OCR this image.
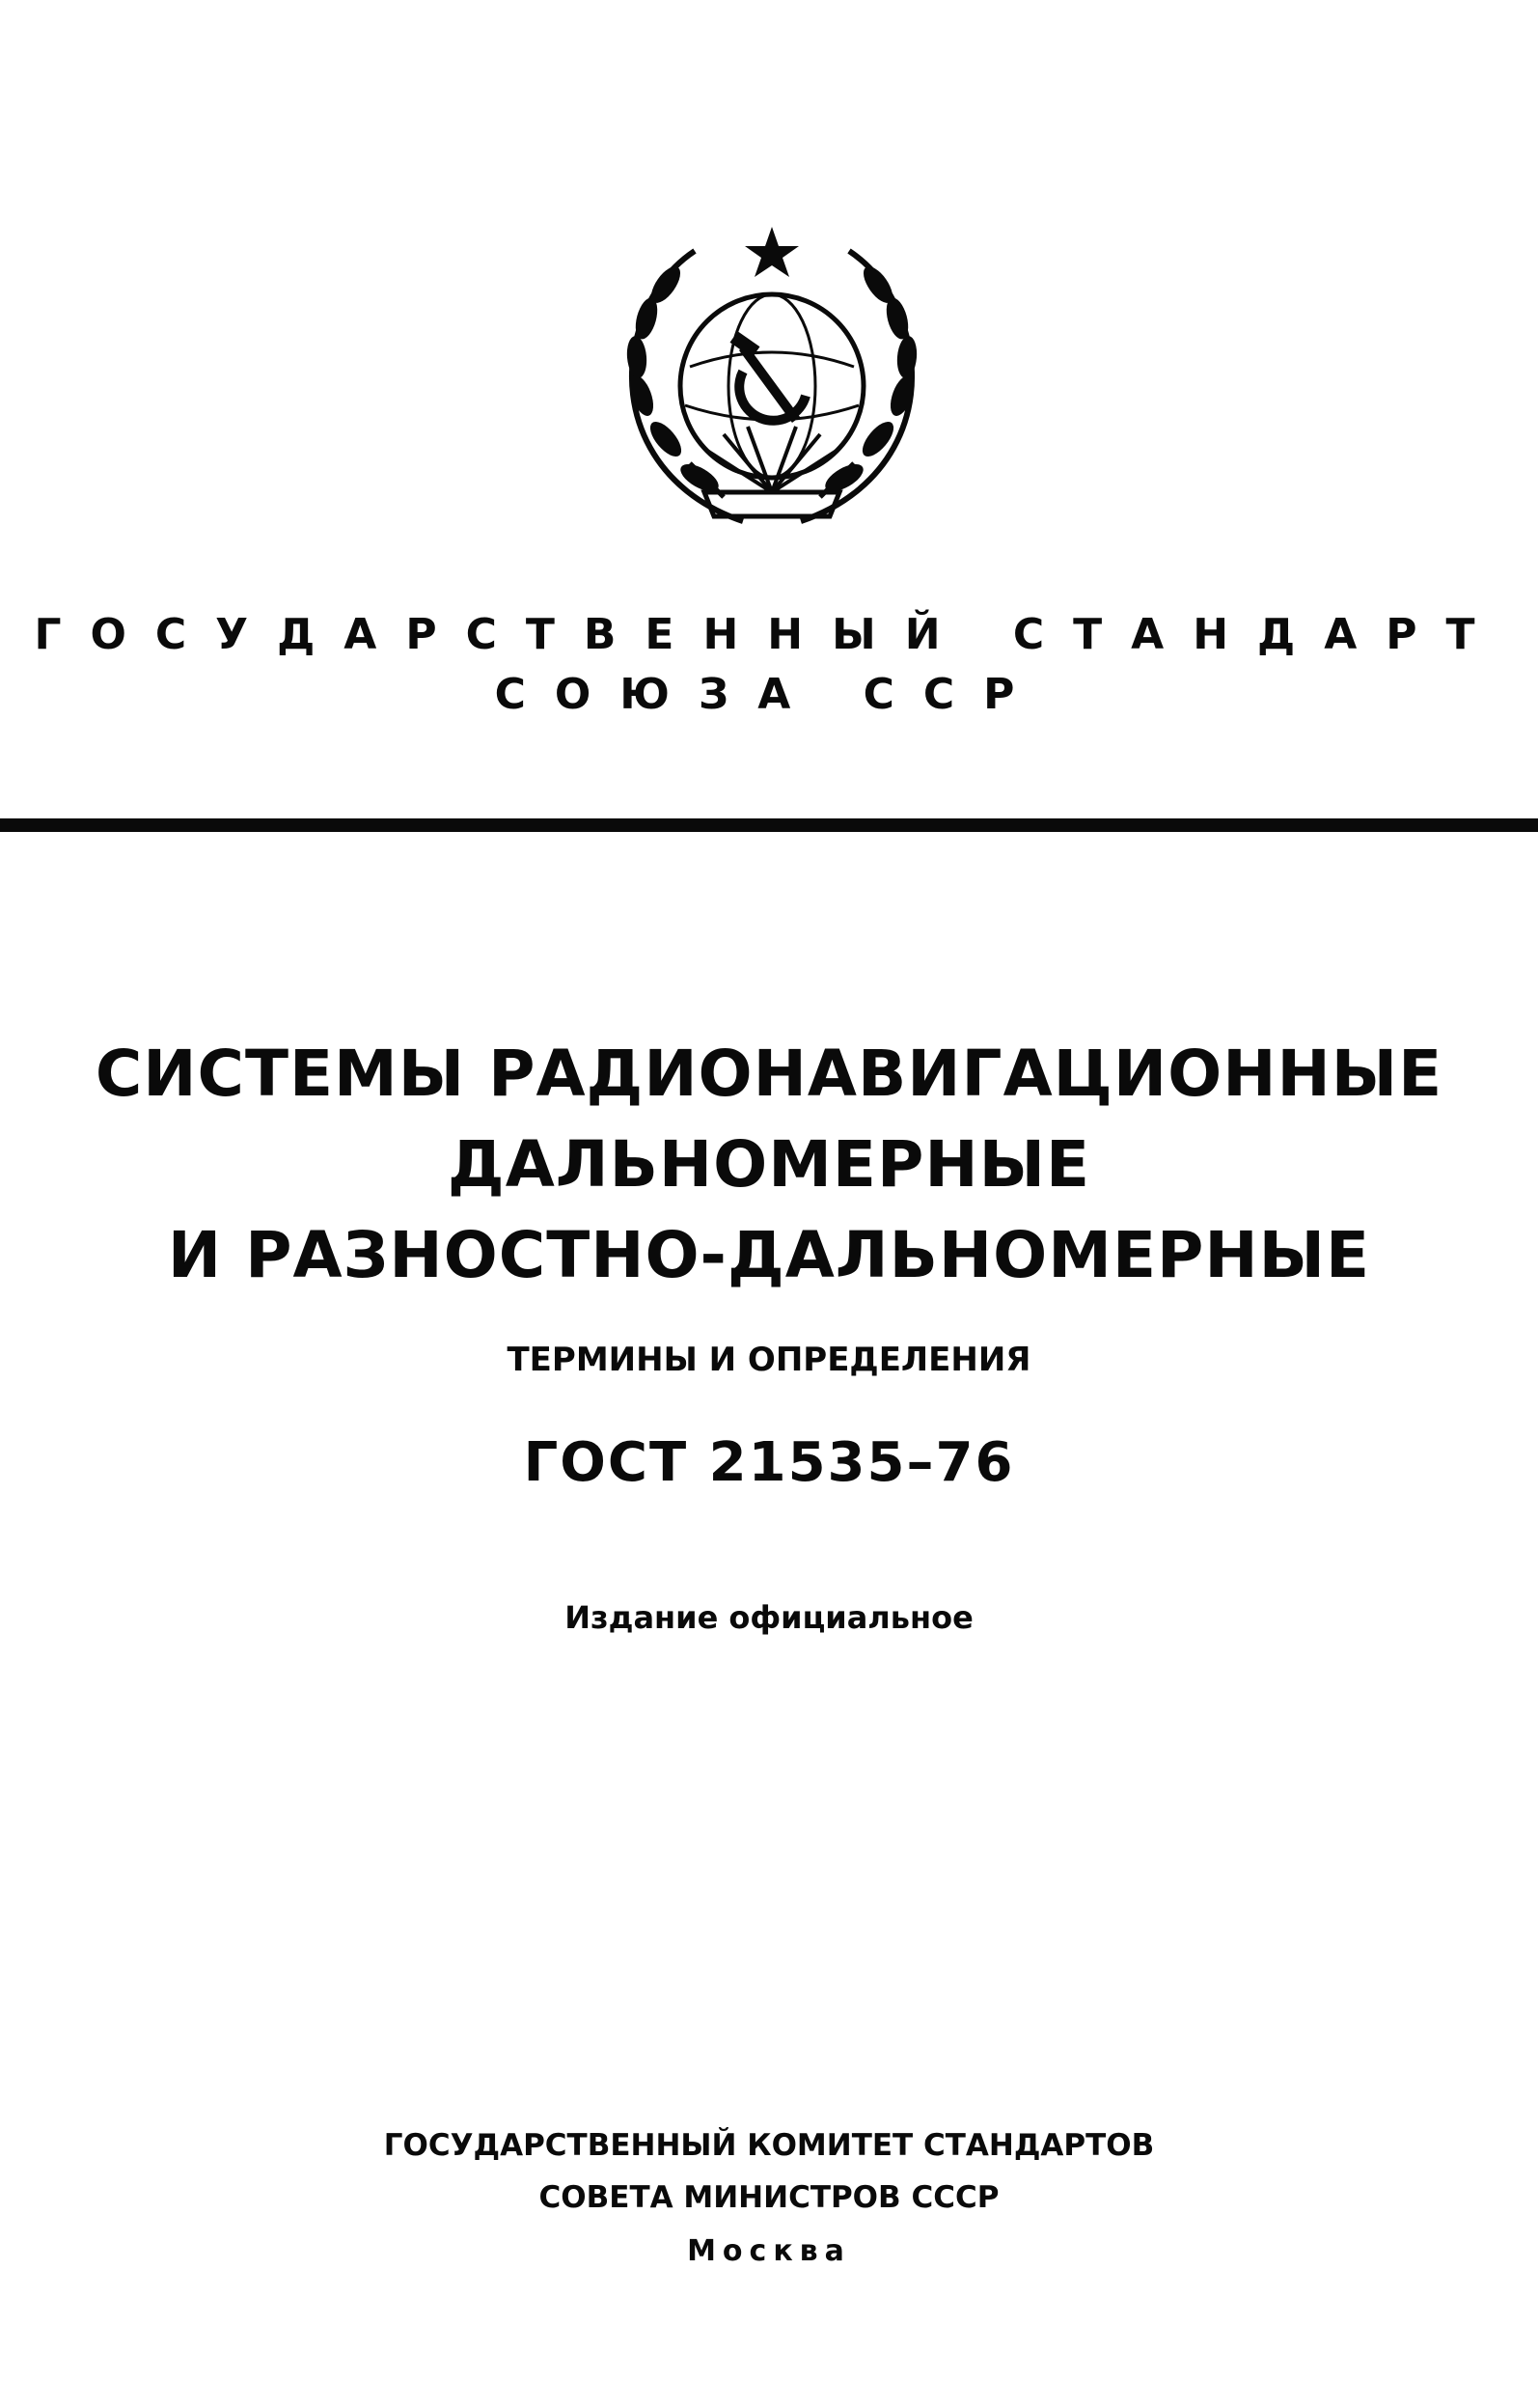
ГОСУДАРСТВЕННЫЙ СТАНДАРТ
СОЮЗА ССР
СИСТЕМЫ РАДИОНАВИГАЦИОННЫЕ
ДАЛЬНОМЕРНЫЕ
И РАЗНОСТНО-ДАЛЬНОМЕРНЫЕ
ТЕРМИНЫ И ОПРЕДЕЛЕНИЯ
ГОСТ 21535–76
Издание официальное
ГОСУДАРСТВЕННЫЙ КОМИТЕТ СТАНДАРТОВ
СОВЕТА МИНИСТРОВ СССР
Москва
